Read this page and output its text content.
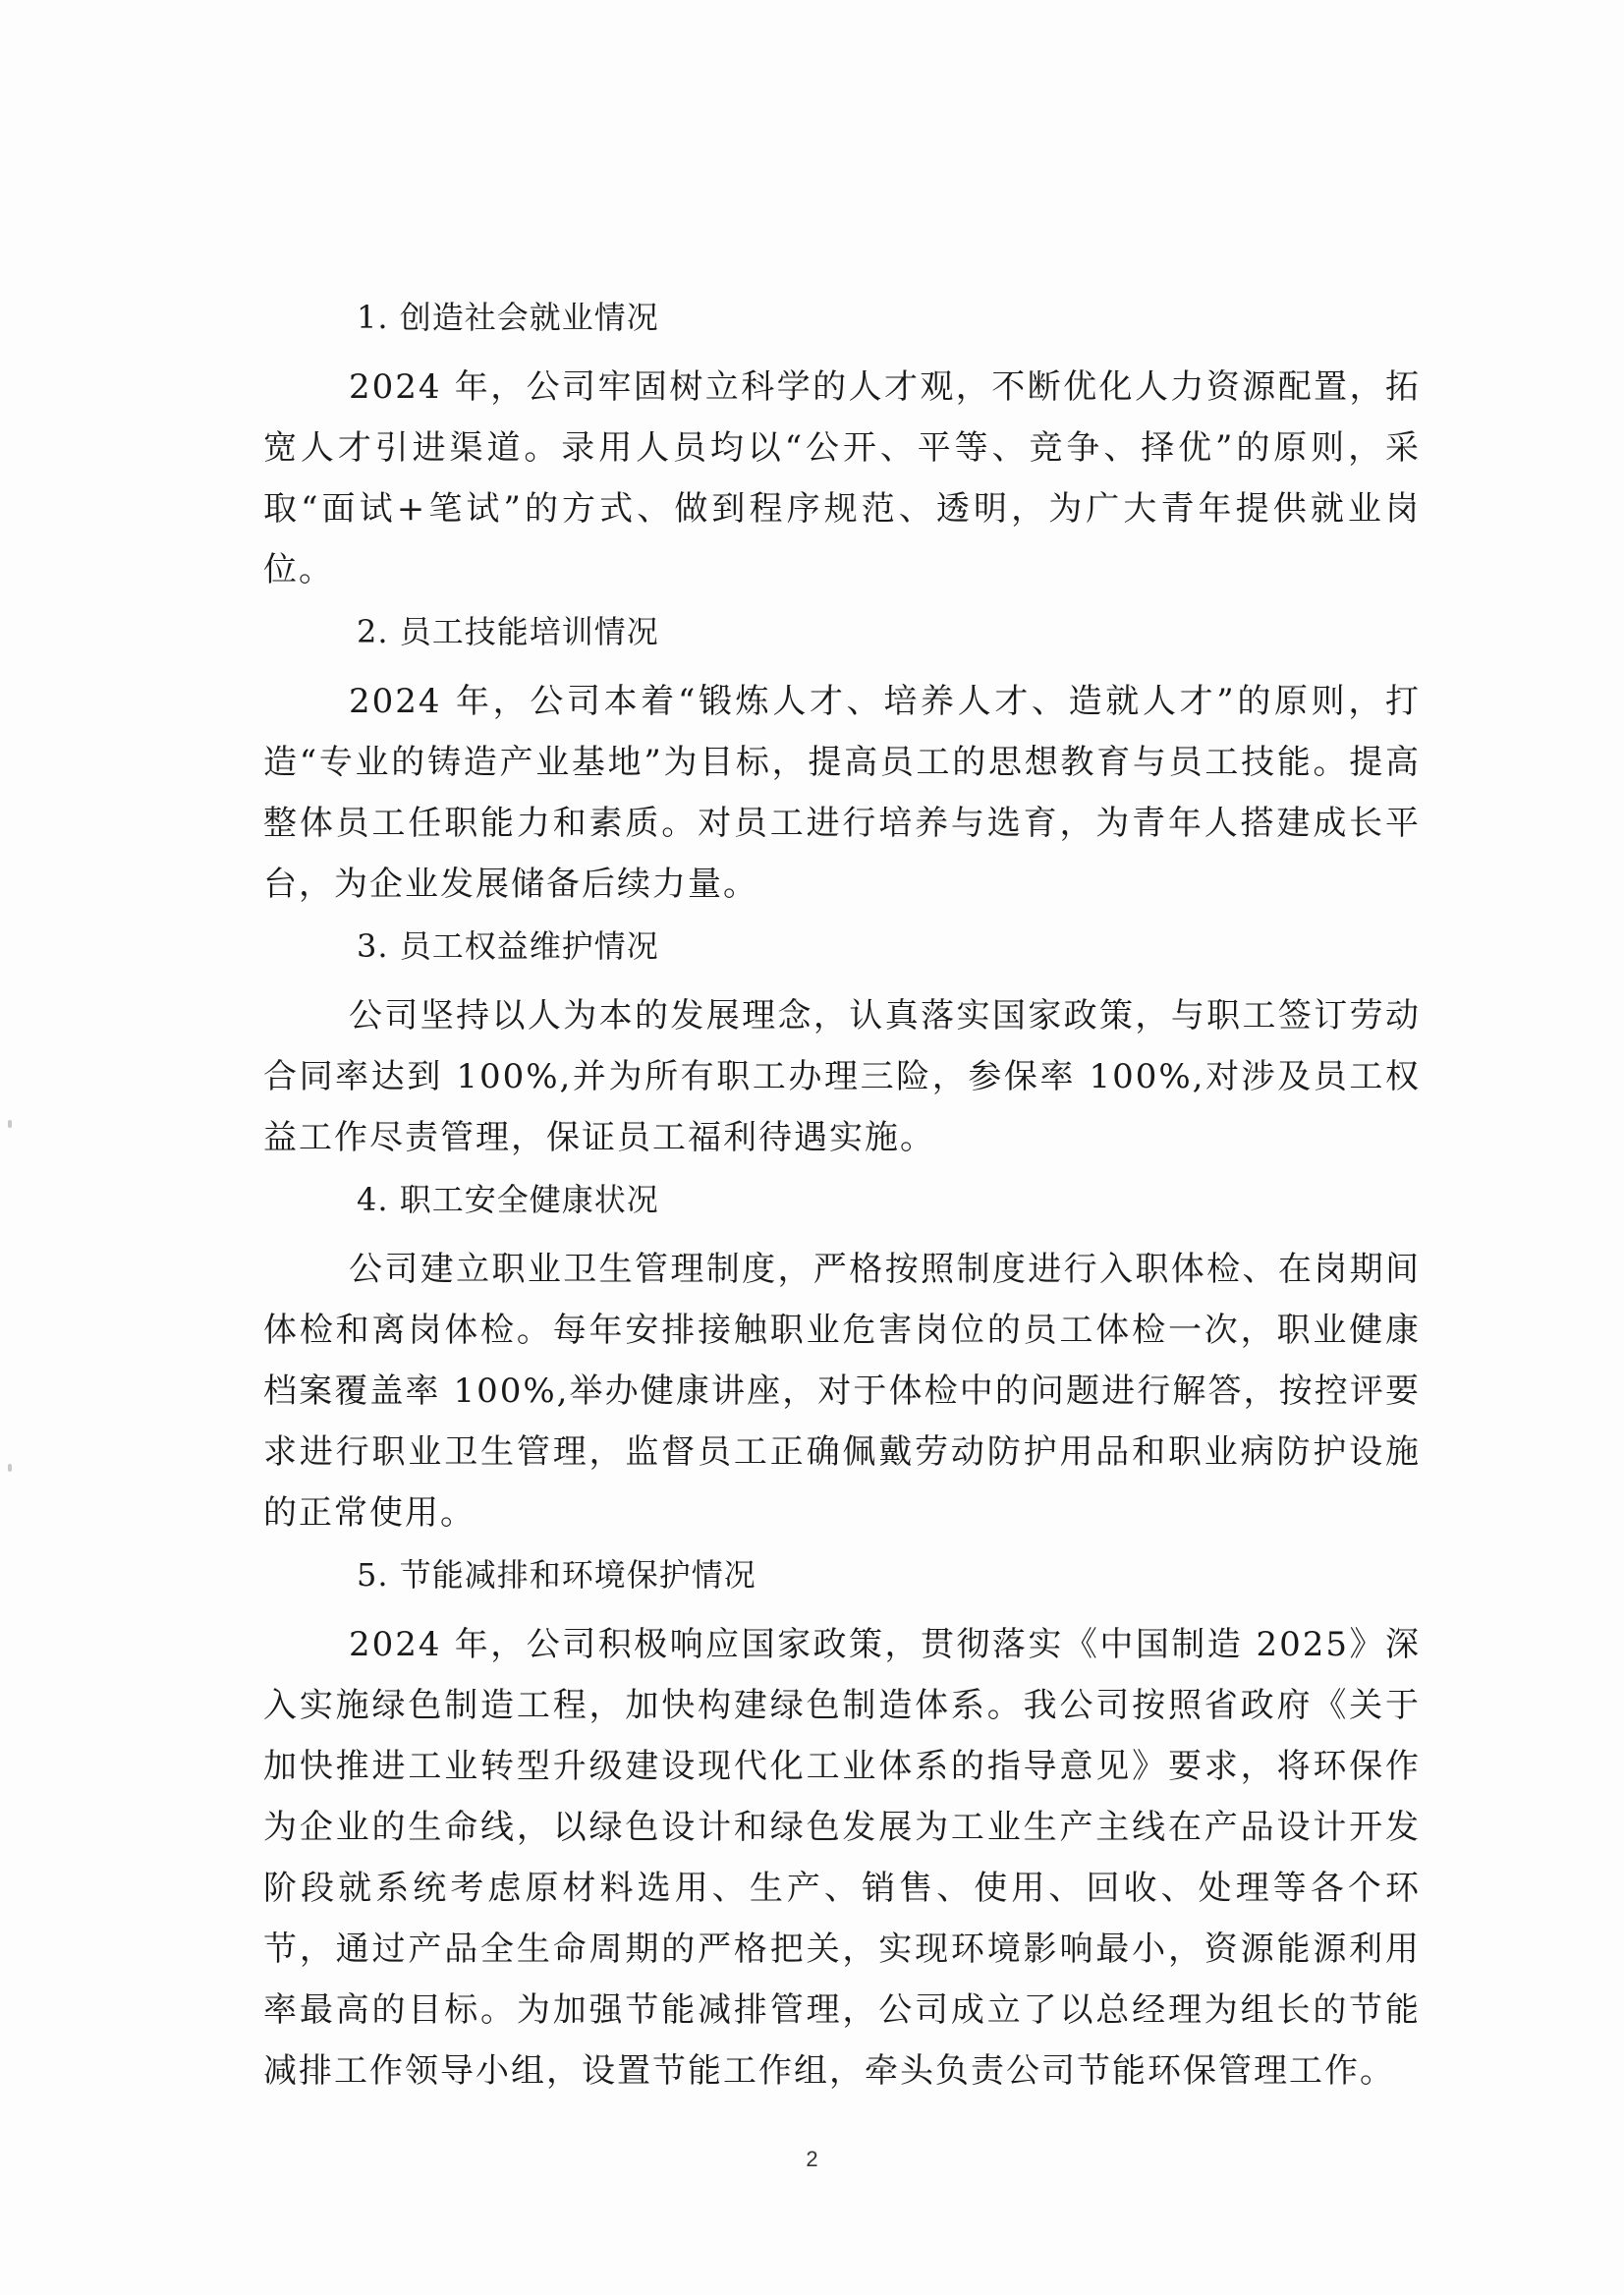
1. 创造社会就业情况

2024 年，公司牢固树立科学的人才观，不断优化人力资源配置，拓宽人才引进渠道。录用人员均以“公开、平等、竞争、择优”的原则，采取“面试+笔试”的方式、做到程序规范、透明，为广大青年提供就业岗位。

2. 员工技能培训情况

2024 年，公司本着“锻炼人才、培养人才、造就人才”的原则，打造“专业的铸造产业基地”为目标，提高员工的思想教育与员工技能。提高整体员工任职能力和素质。对员工进行培养与选育，为青年人搭建成长平台，为企业发展储备后续力量。

3. 员工权益维护情况

公司坚持以人为本的发展理念，认真落实国家政策，与职工签订劳动合同率达到 100%,并为所有职工办理三险，参保率 100%,对涉及员工权益工作尽责管理，保证员工福利待遇实施。

4. 职工安全健康状况

公司建立职业卫生管理制度，严格按照制度进行入职体检、在岗期间体检和离岗体检。每年安排接触职业危害岗位的员工体检一次，职业健康档案覆盖率 100%,举办健康讲座，对于体检中的问题进行解答，按控评要求进行职业卫生管理，监督员工正确佩戴劳动防护用品和职业病防护设施的正常使用。

5. 节能减排和环境保护情况

2024 年，公司积极响应国家政策，贯彻落实《中国制造 2025》深入实施绿色制造工程，加快构建绿色制造体系。我公司按照省政府《关于加快推进工业转型升级建设现代化工业体系的指导意见》要求，将环保作为企业的生命线，以绿色设计和绿色发展为工业生产主线在产品设计开发阶段就系统考虑原材料选用、生产、销售、使用、回收、处理等各个环节，通过产品全生命周期的严格把关，实现环境影响最小，资源能源利用率最高的目标。为加强节能减排管理，公司成立了以总经理为组长的节能减排工作领导小组，设置节能工作组，牵头负责公司节能环保管理工作。

2
